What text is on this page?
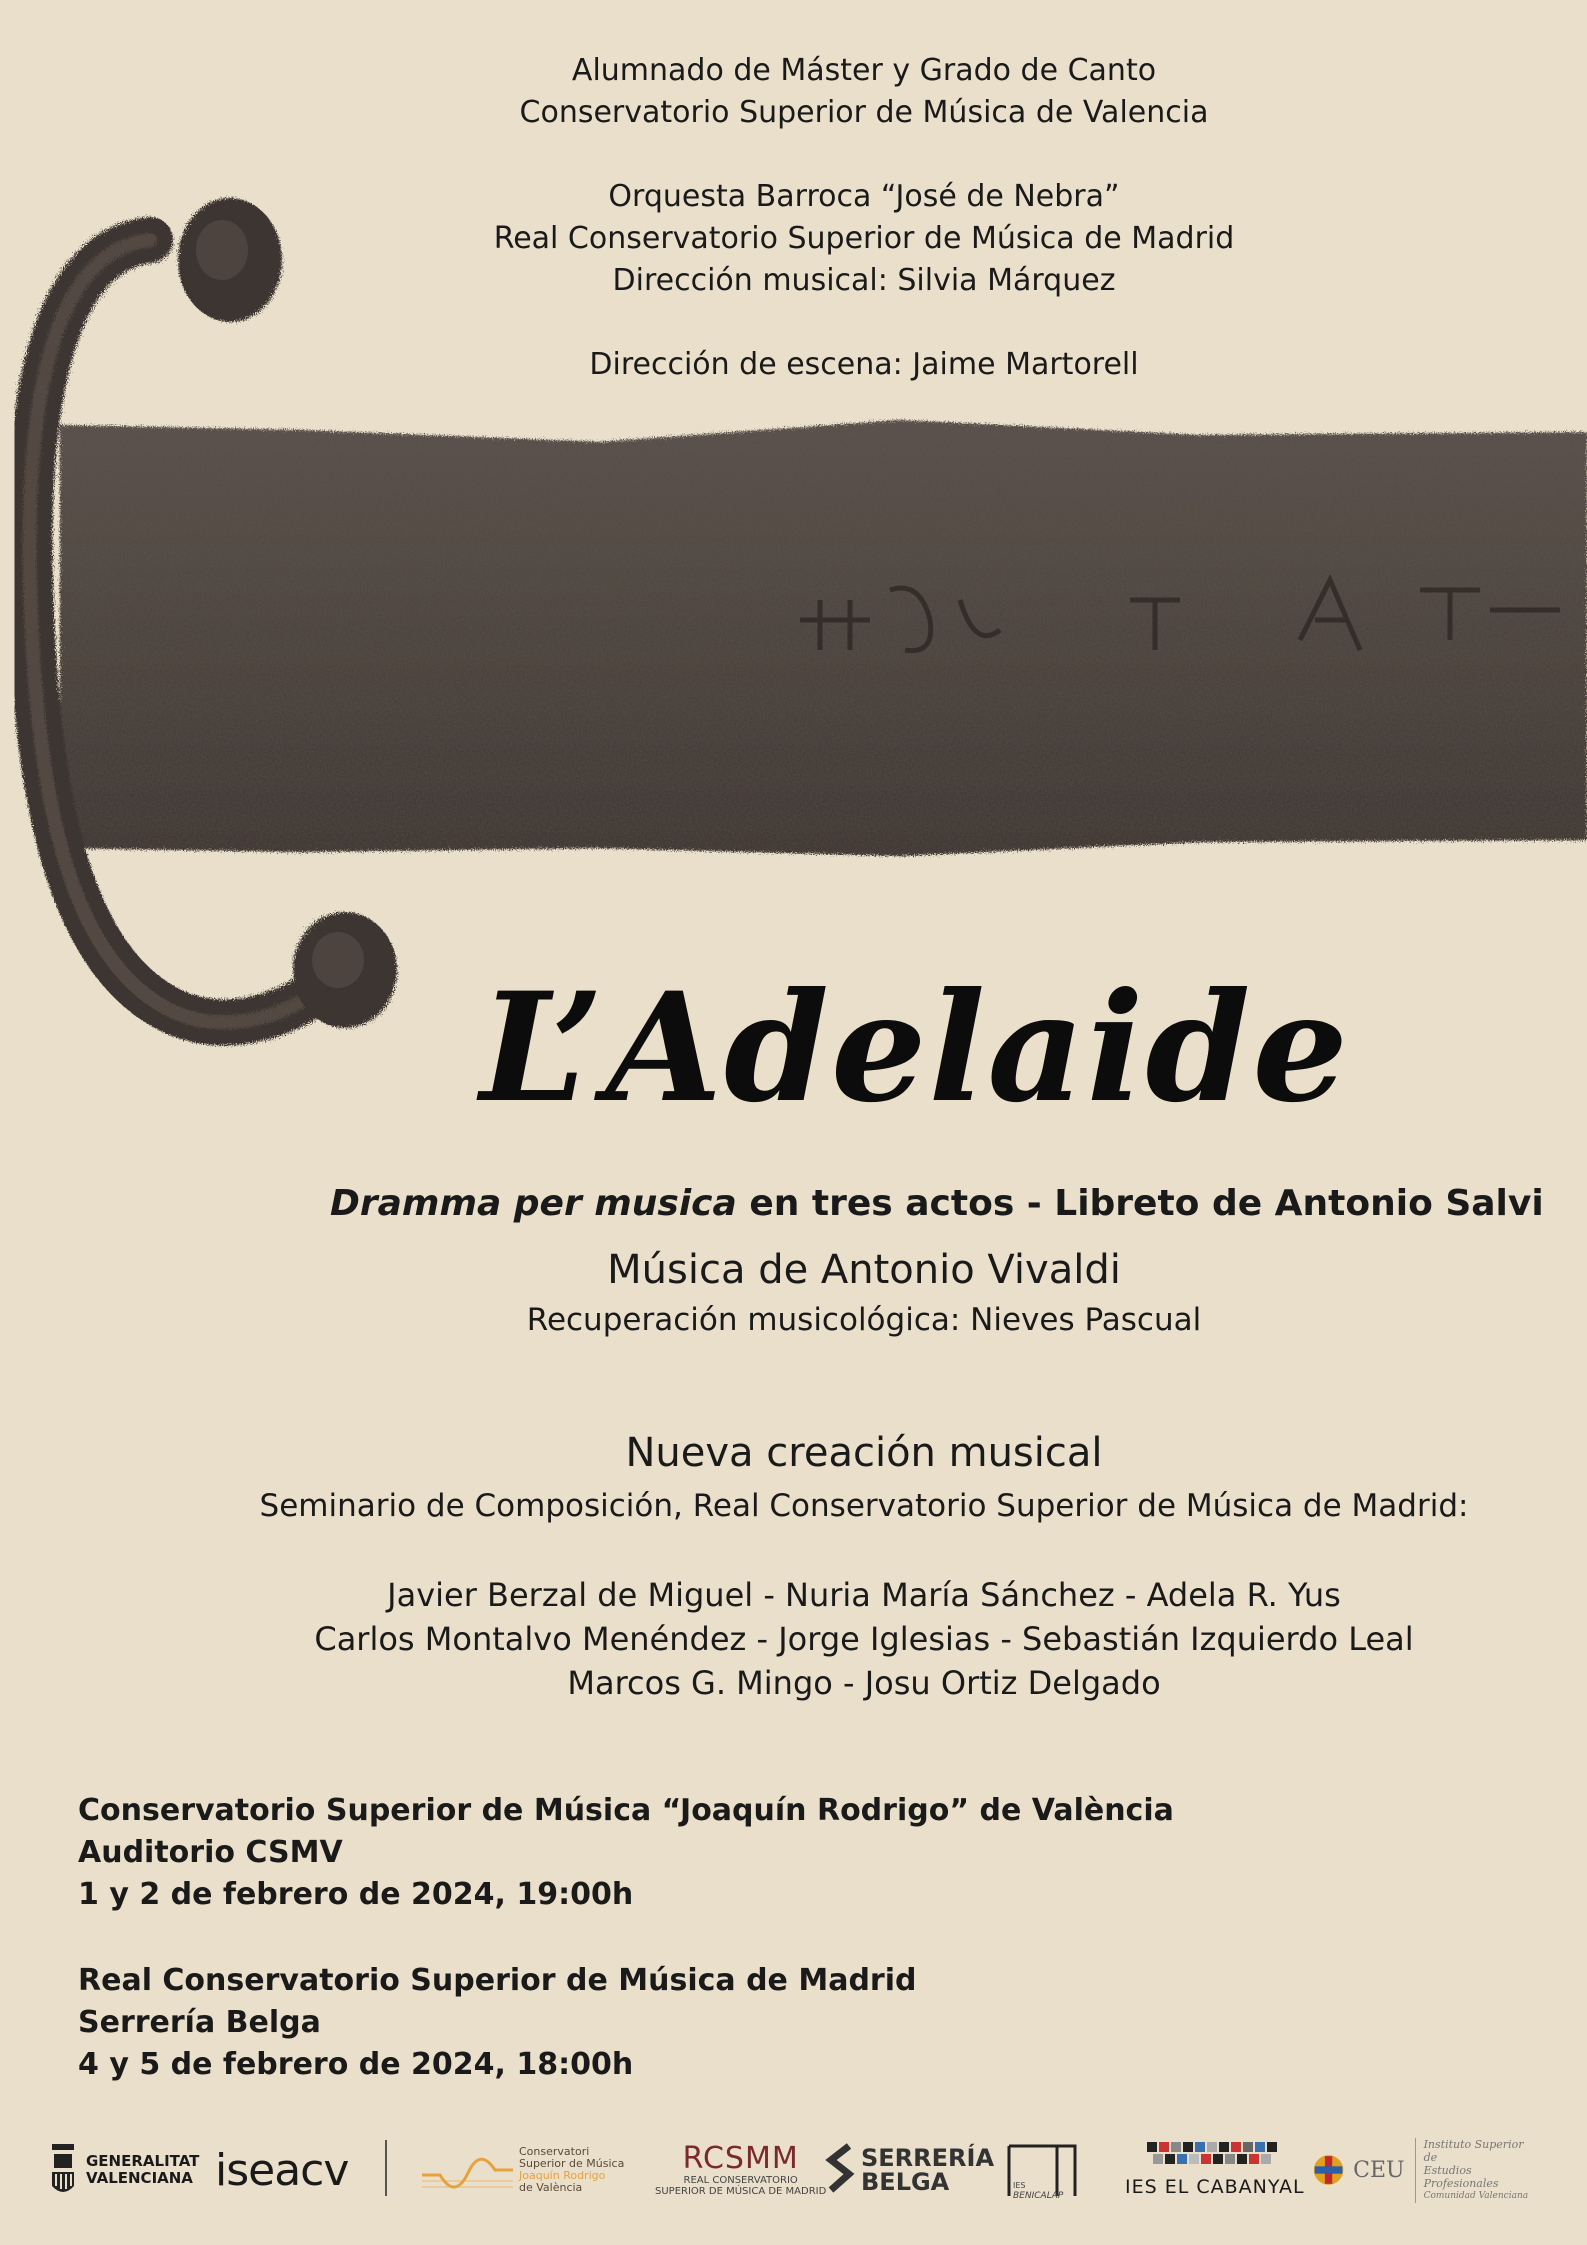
Alumnado de Máster y Grado de Canto
Conservatorio Superior de Música de Valencia
Orquesta Barroca “José de Nebra”
Real Conservatorio Superior de Música de Madrid
Dirección musical: Silvia Márquez
Dirección de escena: Jaime Martorell
L’Adelaide
Dramma per musica en tres actos - Libreto de Antonio Salvi
Música de Antonio Vivaldi
Recuperación musicológica: Nieves Pascual
Nueva creación musical
Seminario de Composición, Real Conservatorio Superior de Música de Madrid:
Javier Berzal de Miguel - Nuria María Sánchez - Adela R. Yus
Carlos Montalvo Menéndez - Jorge Iglesias - Sebastián Izquierdo Leal
Marcos G. Mingo - Josu Ortiz Delgado
Conservatorio Superior de Música “Joaquín Rodrigo” de València
Auditorio CSMV
1 y 2 de febrero de 2024, 19:00h
Real Conservatorio Superior de Música de Madrid
Serrería Belga
4 y 5 de febrero de 2024, 18:00h
GENERALITAT
VALENCIANA iseacv	Conservatori
Superior de Música
Joaquín Rodrigo
de València
RCSMM
REAL CONSERVATORIO
SUPERIOR DE MÚSICA DE MADRID
SERRERÍA
BELGA	IES
BENICALAP	IES EL CABANYAL
CEU
Instituto Superior de
Estudios Profesionales
Comunidad Valenciana
